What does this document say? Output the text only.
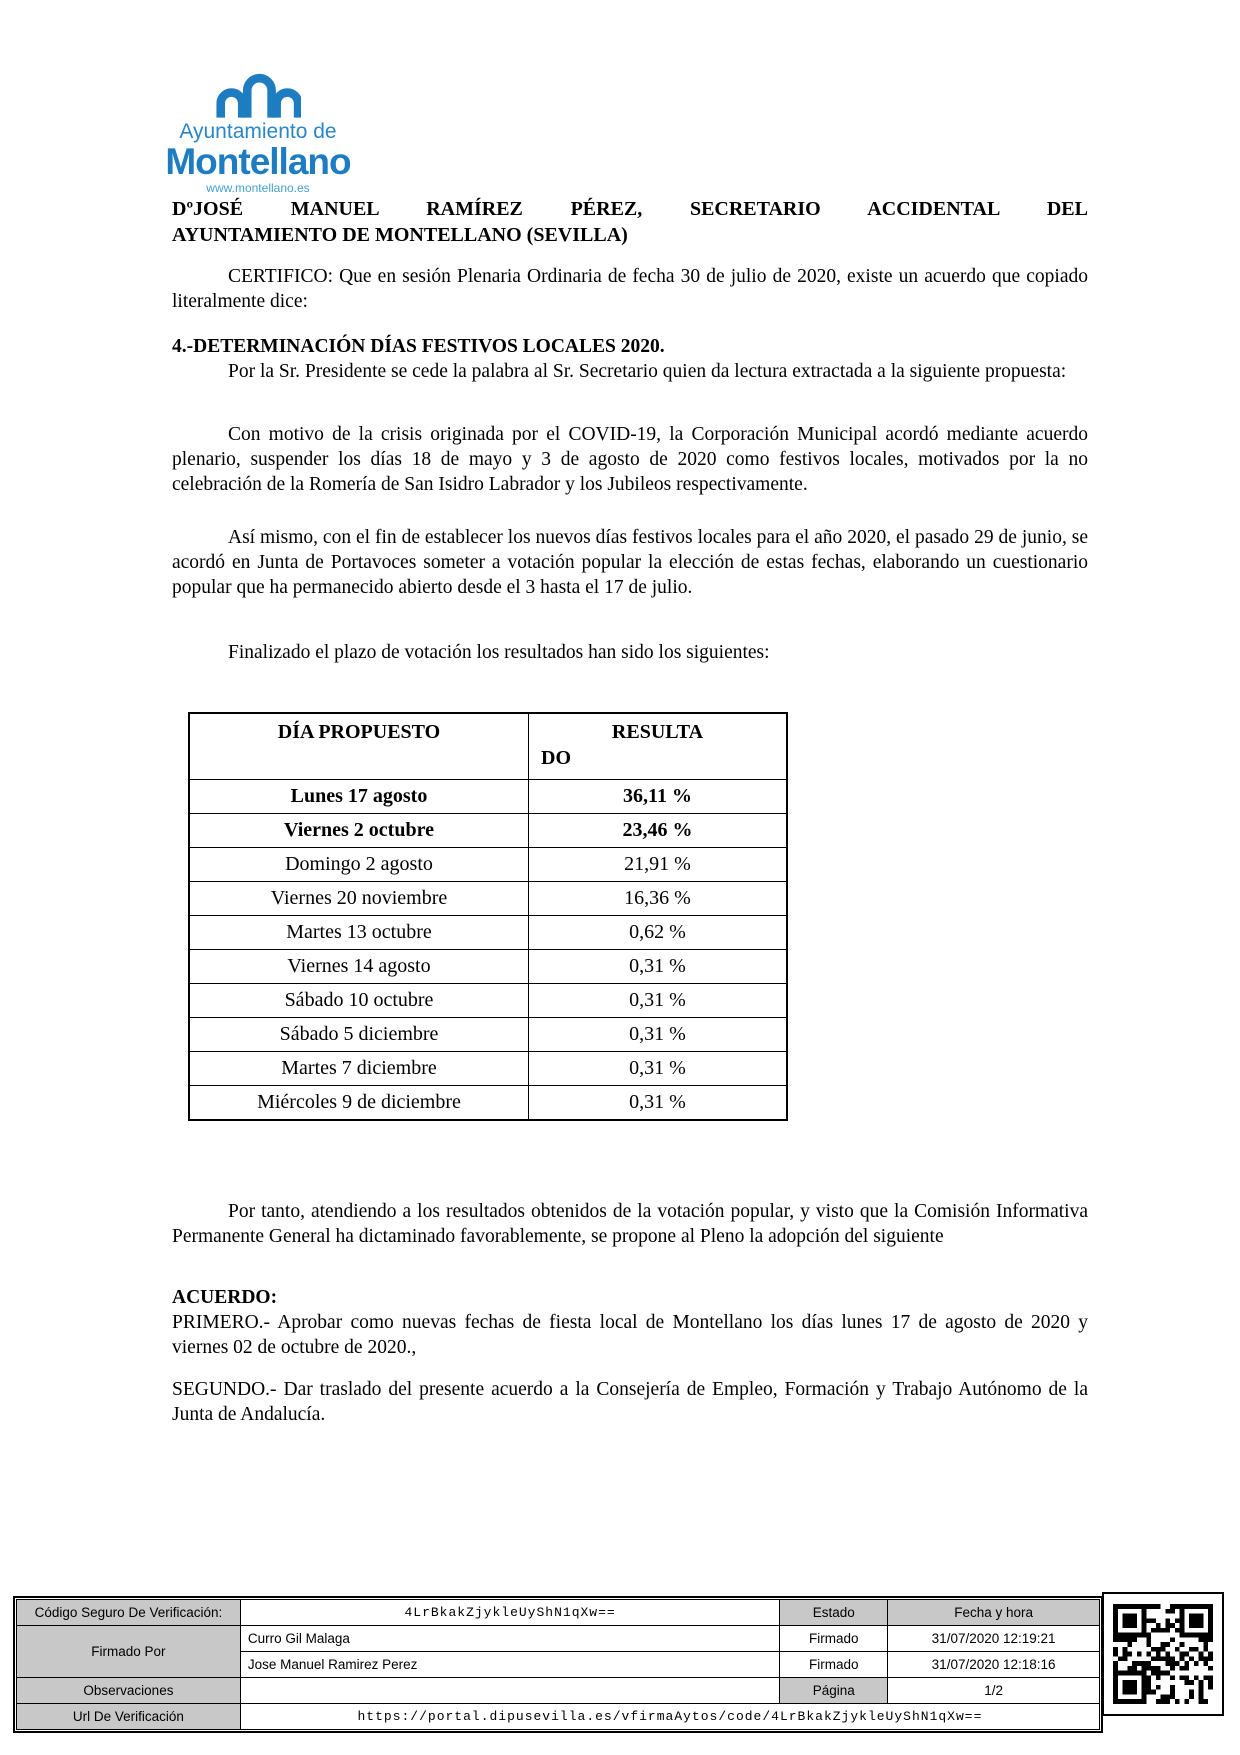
Ayuntamiento de
Montellano
www.montellano.es
DºJOSÉ MANUEL RAMÍREZ PÉREZ, SECRETARIO ACCIDENTAL DEL
AYUNTAMIENTO DE MONTELLANO (SEVILLA)

CERTIFICO: Que en sesión Plenaria Ordinaria de fecha 30 de julio de 2020, existe un acuerdo que copiado literalmente dice:

4.-DETERMINACIÓN DÍAS FESTIVOS LOCALES 2020.

Por la Sr. Presidente se cede la palabra al Sr. Secretario quien da lectura extractada a la siguiente propuesta:

Con motivo de la crisis originada por el COVID-19, la Corporación Municipal acordó mediante acuerdo plenario, suspender los días 18 de mayo y 3 de agosto de 2020 como festivos locales, motivados por la no celebración de la Romería de San Isidro Labrador y los Jubileos respectivamente.

Así mismo, con el fin de establecer los nuevos días festivos locales para el año 2020, el pasado 29 de junio, se acordó en Junta de Portavoces someter a votación popular la elección de estas fechas, elaborando un cuestionario popular que ha permanecido abierto desde el 3 hasta el 17 de julio.

Finalizado el plazo de votación los resultados han sido los siguientes:

DÍA PROPUESTO	RESULTA
DO

Lunes 17 agosto	36,11 %
Viernes 2 octubre	23,46 %
Domingo 2 agosto	21,91 %
Viernes 20 noviembre	16,36 %
Martes 13 octubre	0,62 %
Viernes 14 agosto	0,31 %
Sábado 10 octubre	0,31 %
Sábado 5 diciembre	0,31 %
Martes 7 diciembre	0,31 %
Miércoles 9 de diciembre	0,31 %

Por tanto, atendiendo a los resultados obtenidos de la votación popular, y visto que la Comisión Informativa Permanente General ha dictaminado favorablemente, se propone al Pleno la adopción del siguiente

ACUERDO:

PRIMERO.- Aprobar como nuevas fechas de fiesta local de Montellano los días lunes 17 de agosto de 2020 y viernes 02 de octubre de 2020.,

SEGUNDO.- Dar traslado del presente acuerdo a la Consejería de Empleo, Formación y Trabajo Autónomo de la Junta de Andalucía.

Código Seguro De Verificación:	4LrBkakZjykleUyShN1qXw==	Estado	Fecha y hora
Firmado Por	Curro Gil Malaga	Firmado	31/07/2020 12:19:21
	Jose Manuel Ramirez Perez	Firmado	31/07/2020 12:18:16
Observaciones		Página	1/2
Url De Verificación	https://portal.dipusevilla.es/vfirmaAytos/code/4LrBkakZjykleUyShN1qXw==		
